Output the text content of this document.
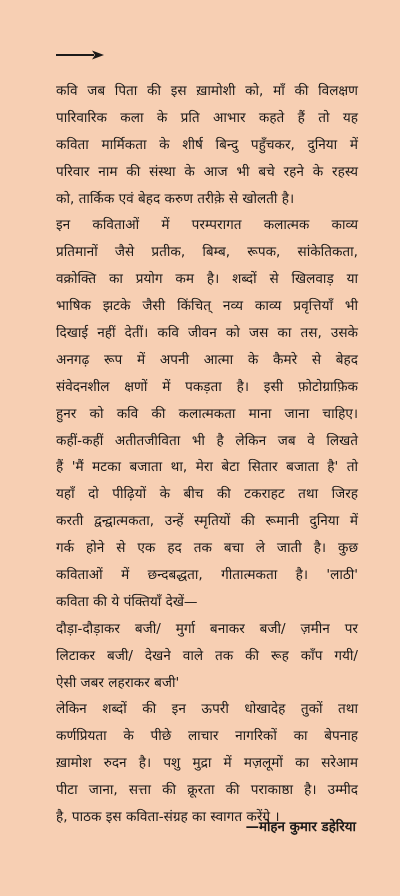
कवि जब पिता की इस ख़ामोशी को, माँ की विलक्षण
पारिवारिक कला के प्रति आभार कहते हैं तो यह
कविता मार्मिकता के शीर्ष बिन्दु पहुँचकर, दुनिया में
परिवार नाम की संस्था के आज भी बचे रहने के रहस्य
को, तार्किक एवं बेहद करुण तरीक़े से खोलती है।
इन कविताओं में परम्परागत कलात्मक काव्य
प्रतिमानों जैसे प्रतीक, बिम्ब, रूपक, सांकेतिकता,
वक्रोक्ति का प्रयोग कम है। शब्दों से खिलवाड़ या
भाषिक झटके जैसी किंचित् नव्य काव्य प्रवृत्तियाँ भी
दिखाई नहीं देतीं। कवि जीवन को जस का तस, उसके
अनगढ़ रूप में अपनी आत्मा के कैमरे से बेहद
संवेदनशील क्षणों में पकड़ता है। इसी फ़ोटोग्राफ़िक
हुनर को कवि की कलात्मकता माना जाना चाहिए।
कहीं-कहीं अतीतजीविता भी है लेकिन जब वे लिखते
हैं 'मैं मटका बजाता था, मेरा बेटा सितार बजाता है' तो
यहाँ दो पीढ़ियों के बीच की टकराहट तथा जिरह
करती द्वन्द्वात्मकता, उन्हें स्मृतियों की रूमानी दुनिया में
गर्क होने से एक हद तक बचा ले जाती है। कुछ
कविताओं में छन्दबद्धता, गीतात्मकता है। 'लाठी'
कविता की ये पंक्तियाँ देखें—
दौड़ा-दौड़ाकर बजी/ मुर्गा बनाकर बजी/ ज़मीन पर
लिटाकर बजी/ देखने वाले तक की रूह काँप गयी/
ऐसी जबर लहराकर बजी'
लेकिन शब्दों की इन ऊपरी धोखादेह तुकों तथा
कर्णप्रियता के पीछे लाचार नागरिकों का बेपनाह
ख़ामोश रुदन है। पशु मुद्रा में मज़लूमों का सरेआम
पीटा जाना, सत्ता की क्रूरता की पराकाष्ठा है। उम्मीद
है, पाठक इस कविता-संग्रह का स्वागत करेंगे ।
—मोहन कुमार डहेरिया
